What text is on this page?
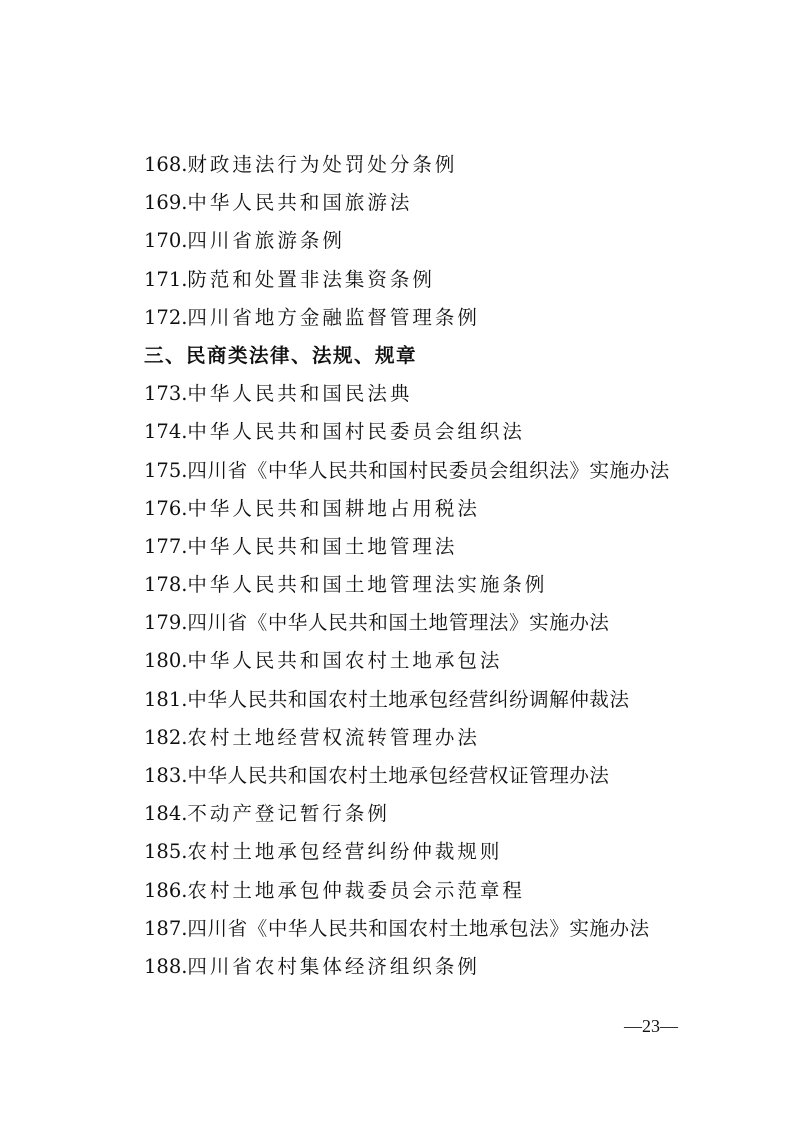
168.财政违法行为处罚处分条例
169.中华人民共和国旅游法
170.四川省旅游条例
171.防范和处置非法集资条例
172.四川省地方金融监督管理条例
三、民商类法律、法规、规章
173.中华人民共和国民法典
174.中华人民共和国村民委员会组织法
175.四川省《中华人民共和国村民委员会组织法》实施办法
176.中华人民共和国耕地占用税法
177.中华人民共和国土地管理法
178.中华人民共和国土地管理法实施条例
179.四川省《中华人民共和国土地管理法》实施办法
180.中华人民共和国农村土地承包法
181.中华人民共和国农村土地承包经营纠纷调解仲裁法
182.农村土地经营权流转管理办法
183.中华人民共和国农村土地承包经营权证管理办法
184.不动产登记暂行条例
185.农村土地承包经营纠纷仲裁规则
186.农村土地承包仲裁委员会示范章程
187.四川省《中华人民共和国农村土地承包法》实施办法
188.四川省农村集体经济组织条例
—23—
